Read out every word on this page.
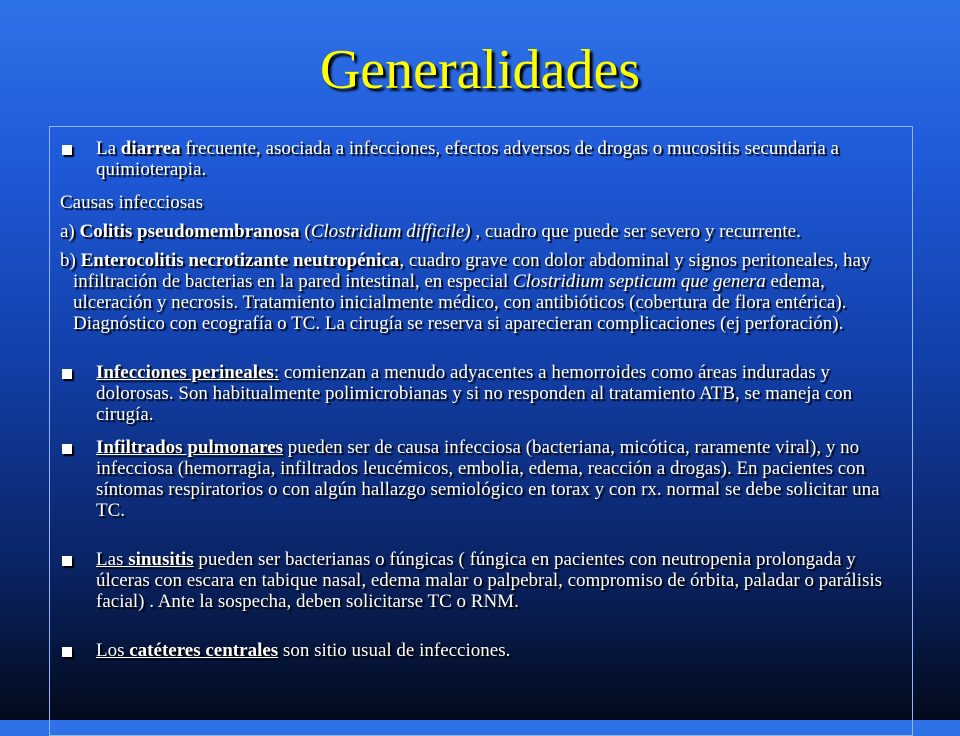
Generalidades

La diarrea frecuente, asociada a infecciones, efectos adversos de drogas o mucositis secundaria a quimioterapia.

Causas infecciosas

a) Colitis pseudomembranosa (Clostridium difficile) , cuadro que puede ser severo y recurrente.

b) Enterocolitis necrotizante neutropénica, cuadro grave con dolor abdominal y signos peritoneales, hay infiltración de bacterias en la pared intestinal, en especial Clostridium septicum que genera edema, ulceración y necrosis. Tratamiento inicialmente médico, con antibióticos (cobertura de flora entérica). Diagnóstico con ecografía o TC. La cirugía se reserva si aparecieran complicaciones (ej perforación).

Infecciones perineales: comienzan a menudo adyacentes a hemorroides como áreas induradas y dolorosas. Son habitualmente polimicrobianas y si no responden al tratamiento ATB, se maneja con cirugía.

Infiltrados pulmonares pueden ser de causa infecciosa (bacteriana, micótica, raramente viral), y no infecciosa (hemorragia, infiltrados leucémicos, embolia, edema, reacción a drogas). En pacientes con síntomas respiratorios o con algún hallazgo semiológico en torax y con rx. normal se debe solicitar una TC.

Las sinusitis pueden ser bacterianas o fúngicas ( fúngica en pacientes con neutropenia prolongada y úlceras con escara en tabique nasal, edema malar o palpebral, compromiso de órbita, paladar o parálisis facial) . Ante la sospecha, deben solicitarse TC o RNM.

Los catéteres centrales son sitio usual de infecciones.
